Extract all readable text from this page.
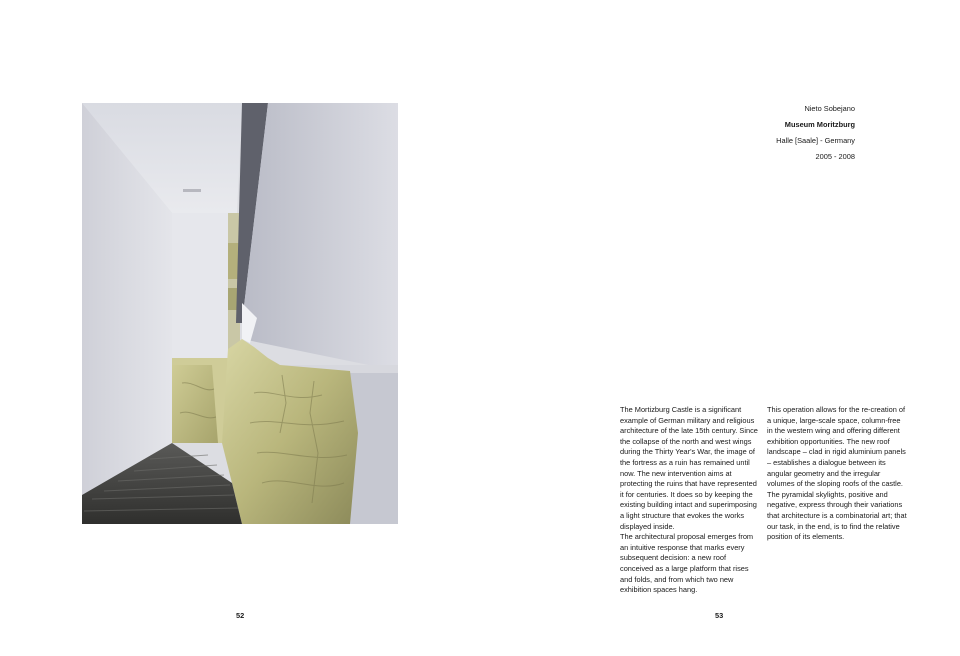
Nieto Sobejano
Museum Moritzburg
Halle [Saale] - Germany
2005 - 2008

The Mortizburg Castle is a significant example of German military and religious architecture of the late 15th century. Since the collapse of the north and west wings during the Thirty Year's War, the image of the fortress as a ruin has remained until now. The new intervention aims at protecting the ruins that have represented it for centuries. It does so by keeping the existing building intact and superimposing a light structure that evokes the works displayed inside.

The architectural proposal emerges from an intuitive response that marks every subsequent decision: a new roof conceived as a large platform that rises and folds, and from which two new exhibition spaces hang.

This operation allows for the re-creation of a unique, large-scale space, column-free in the western wing and offering different exhibition opportunities. The new roof landscape – clad in rigid aluminium panels – establishes a dialogue between its angular geometry and the irregular volumes of the sloping roofs of the castle. The pyramidal skylights, positive and negative, express through their variations that architecture is a combinatorial art; that our task, in the end, is to find the relative position of its elements.

52	53
